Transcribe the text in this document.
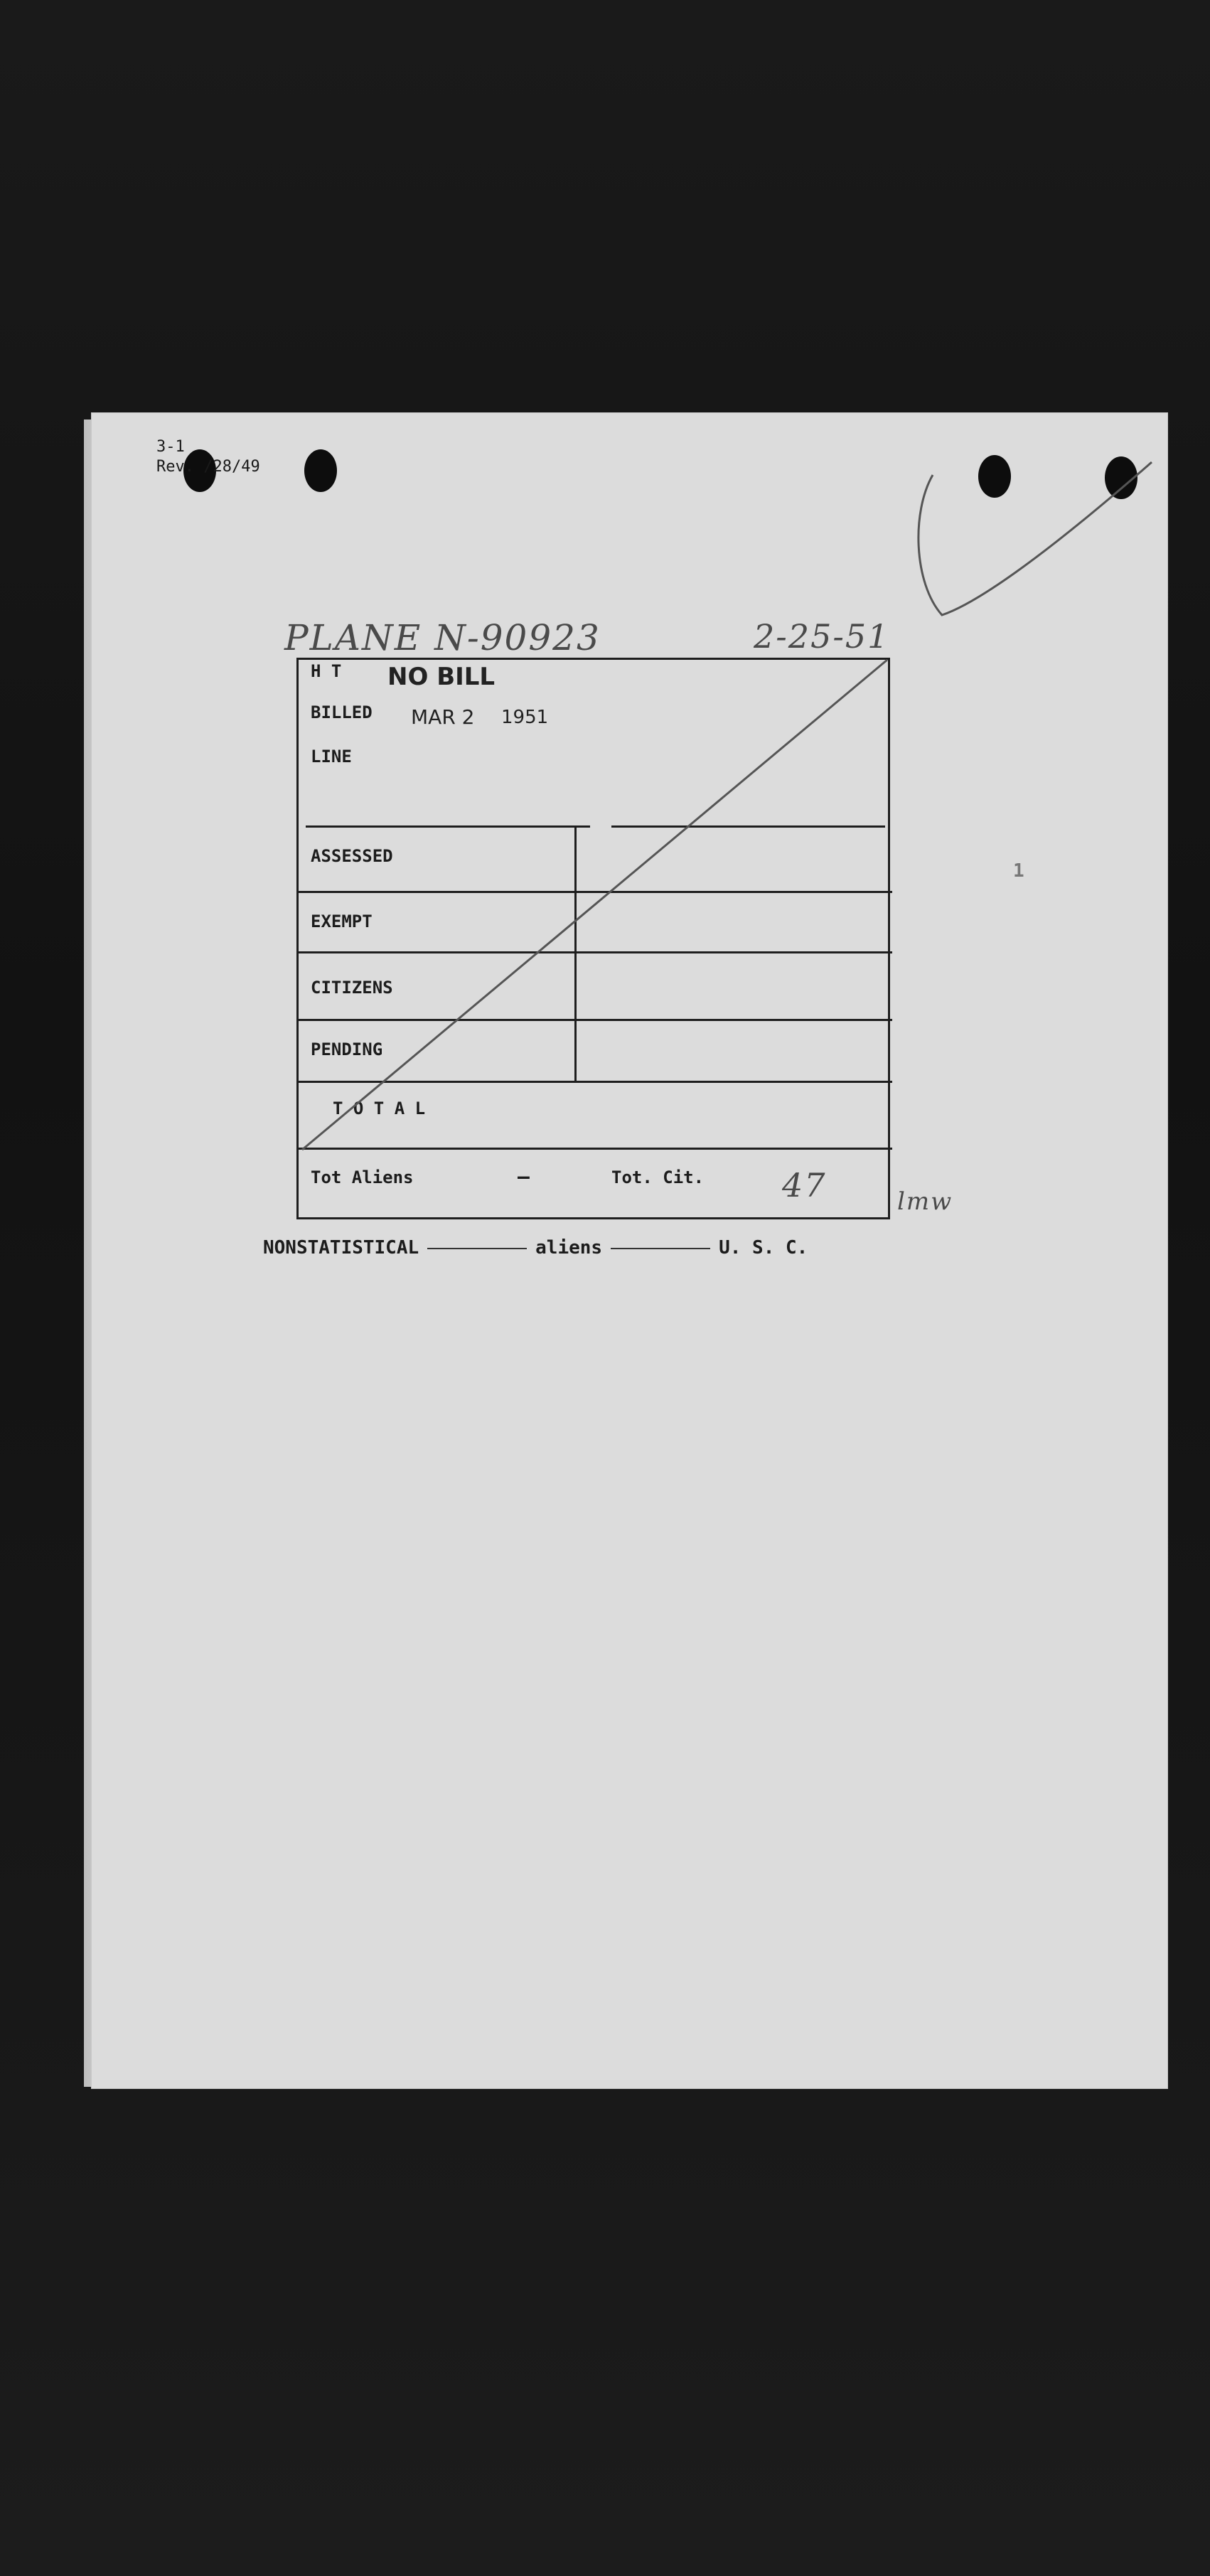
3-1
Rev. /28/49
PLANE N-90923	2-25-51
H T NO BILL
BILLED MAR 2 1951
LINE
ASSESSED
EXEMPT
CITIZENS
PENDING
T O T A L
Tot Aliens	—	Tot. Cit. 47	lmw
1
NONSTATISTICAL	aliens	U. S. C.
